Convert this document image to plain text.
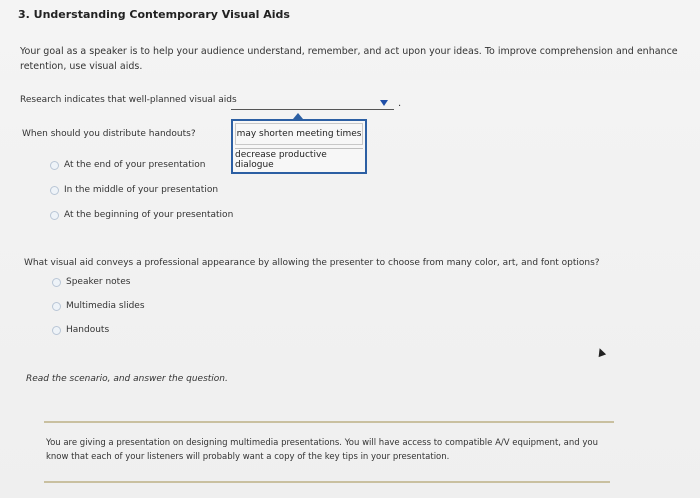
3. Understanding Contemporary Visual Aids
Your goal as a speaker is to help your audience understand, remember, and act upon your ideas. To improve comprehension and enhance retention, use visual aids.
Research indicates that well-planned visual aids	.
may shorten meeting times
decrease productive dialogue
When should you distribute handouts?
At the end of your presentation
In the middle of your presentation
At the beginning of your presentation
What visual aid conveys a professional appearance by allowing the presenter to choose from many color, art, and font options?
Speaker notes
Multimedia slides
Handouts
Read the scenario, and answer the question.
You are giving a presentation on designing multimedia presentations. You will have access to compatible A/V equipment, and you know that each of your listeners will probably want a copy of the key tips in your presentation.
